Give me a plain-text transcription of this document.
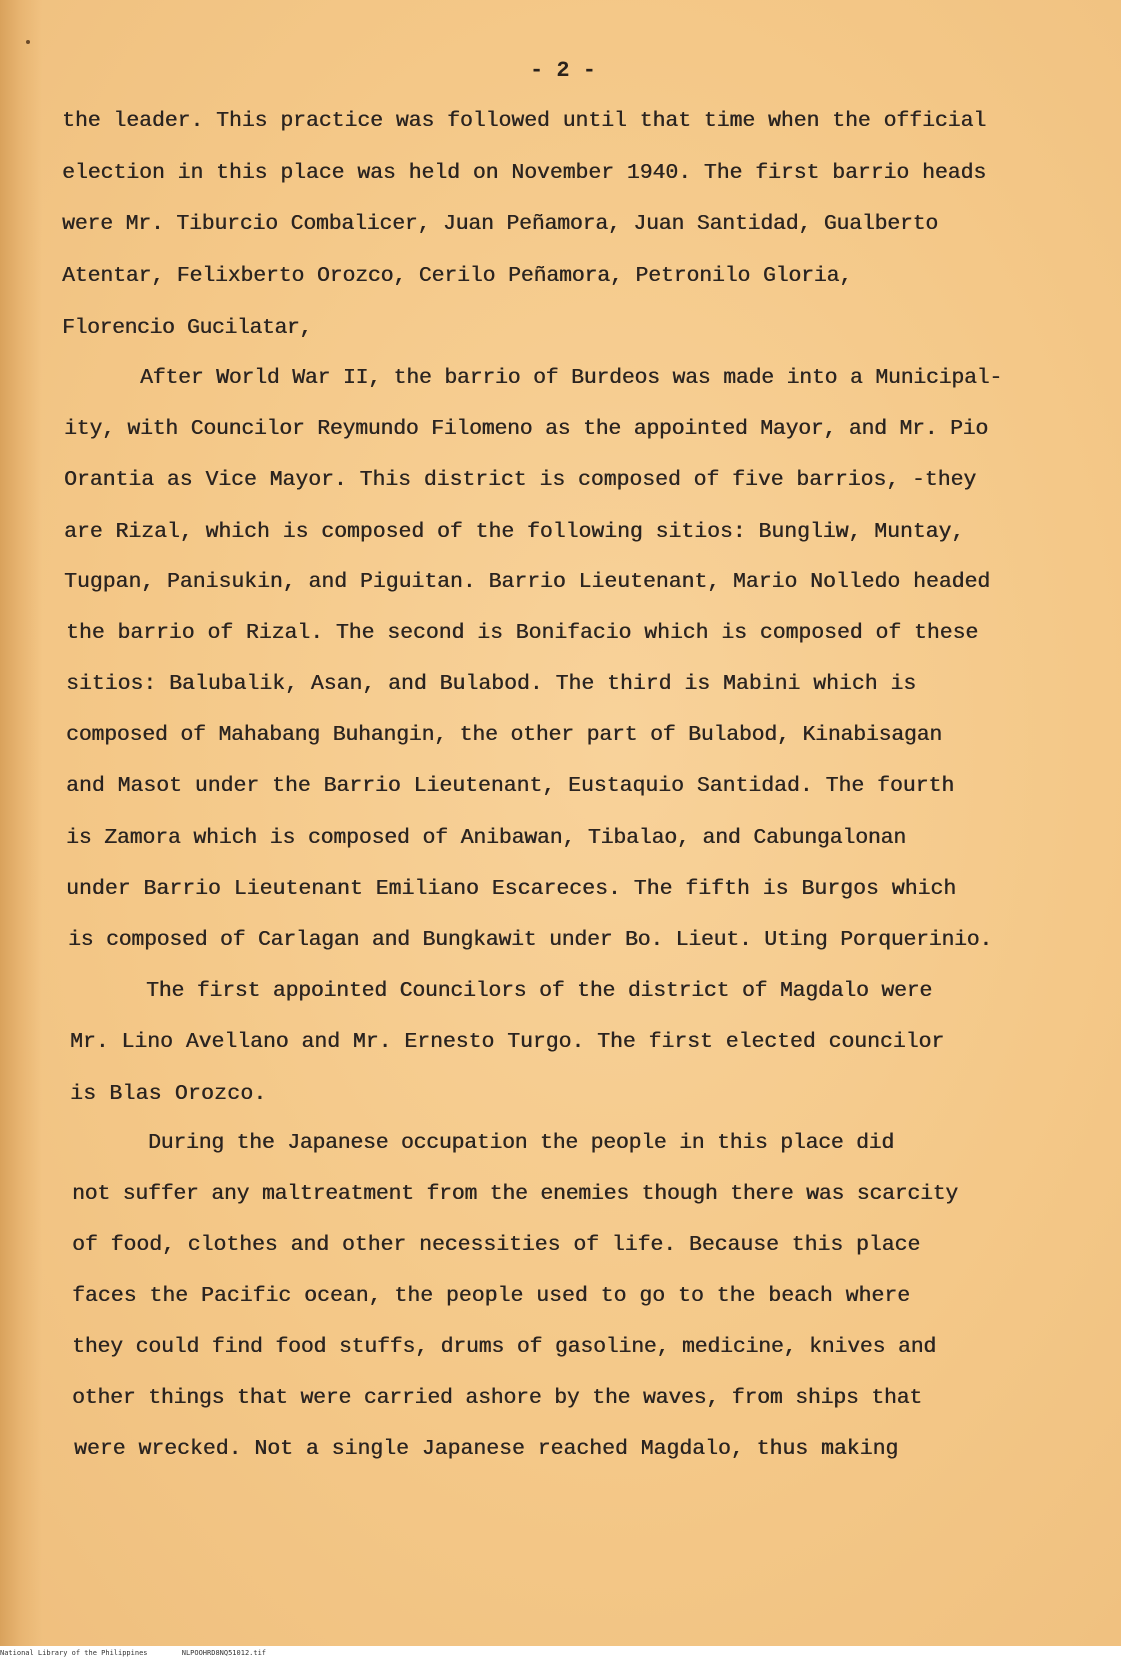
- 2 -
the leader. This practice was followed until that time when the official
election in this place was held on November 1940. The first barrio heads
were Mr. Tiburcio Combalicer, Juan Peñamora, Juan Santidad, Gualberto
Atentar, Felixberto Orozco, Cerilo Peñamora, Petronilo Gloria,
Florencio Gucilatar,
After World War II, the barrio of Burdeos was made into a Municipal-
ity, with Councilor Reymundo Filomeno as the appointed Mayor, and Mr. Pio
Orantia as Vice Mayor. This district is composed of five barrios, -they
are Rizal, which is composed of the following sitios: Bungliw, Muntay,
Tugpan, Panisukin, and Piguitan. Barrio Lieutenant, Mario Nolledo headed
the barrio of Rizal. The second is Bonifacio which is composed of these
sitios: Balubalik, Asan, and Bulabod. The third is Mabini which is
composed of Mahabang Buhangin, the other part of Bulabod, Kinabisagan
and Masot under the Barrio Lieutenant, Eustaquio Santidad. The fourth
is Zamora which is composed of Anibawan, Tibalao, and Cabungalonan
under Barrio Lieutenant Emiliano Escareces. The fifth is Burgos which
is composed of Carlagan and Bungkawit under Bo. Lieut. Uting Porquerinio.
The first appointed Councilors of the district of Magdalo were
Mr. Lino Avellano and Mr. Ernesto Turgo. The first elected councilor
is Blas Orozco.
During the Japanese occupation the people in this place did
not suffer any maltreatment from the enemies though there was scarcity
of food, clothes and other necessities of life. Because this place
faces the Pacific ocean, the people used to go to the beach where
they could find food stuffs, drums of gasoline, medicine, knives and
other things that were carried ashore by the waves, from ships that
were wrecked. Not a single Japanese reached Magdalo, thus making
National Library of the Philippines	NLPOOHRD8NQ51012.tif
